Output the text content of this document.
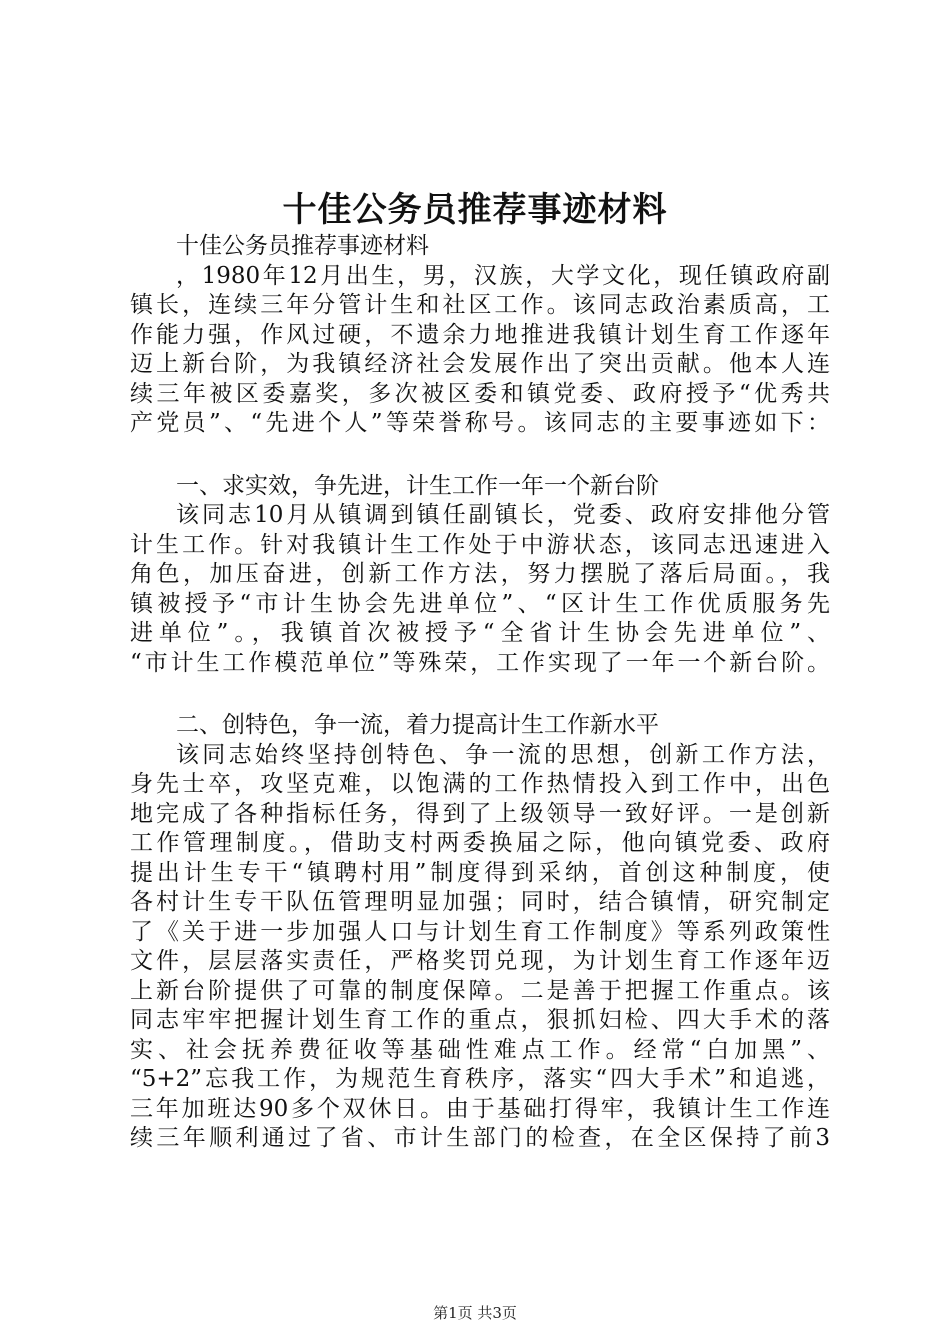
十佳公务员推荐事迹材料
十佳公务员推荐事迹材料
，1980年12月出生，男，汉族，大学文化，现任镇政府副
镇长，连续三年分管计生和社区工作。该同志政治素质高，工
作能力强，作风过硬，不遗余力地推进我镇计划生育工作逐年
迈上新台阶，为我镇经济社会发展作出了突出贡献。他本人连
续三年被区委嘉奖，多次被区委和镇党委、政府授予“优秀共
产党员”、“先进个人”等荣誉称号。该同志的主要事迹如下：
一、求实效，争先进，计生工作一年一个新台阶
该同志10月从镇调到镇任副镇长，党委、政府安排他分管
计生工作。针对我镇计生工作处于中游状态，该同志迅速进入
角色，加压奋进，创新工作方法，努力摆脱了落后局面。，我
镇被授予“市计生协会先进单位”、“区计生工作优质服务先
进单位”。，我镇首次被授予“全省计生协会先进单位”、
“市计生工作模范单位”等殊荣，工作实现了一年一个新台阶。
二、创特色，争一流，着力提高计生工作新水平
该同志始终坚持创特色、争一流的思想，创新工作方法，
身先士卒，攻坚克难，以饱满的工作热情投入到工作中，出色
地完成了各种指标任务，得到了上级领导一致好评。一是创新
工作管理制度。，借助支村两委换届之际，他向镇党委、政府
提出计生专干“镇聘村用”制度得到采纳，首创这种制度，使
各村计生专干队伍管理明显加强；同时，结合镇情，研究制定
了《关于进一步加强人口与计划生育工作制度》等系列政策性
文件，层层落实责任，严格奖罚兑现，为计划生育工作逐年迈
上新台阶提供了可靠的制度保障。二是善于把握工作重点。该
同志牢牢把握计划生育工作的重点，狠抓妇检、四大手术的落
实、社会抚养费征收等基础性难点工作。经常“白加黑”、
“5+2”忘我工作，为规范生育秩序，落实“四大手术”和追逃，
三年加班达90多个双休日。由于基础打得牢，我镇计生工作连
续三年顺利通过了省、市计生部门的检查，在全区保持了前3
第1页 共3页
